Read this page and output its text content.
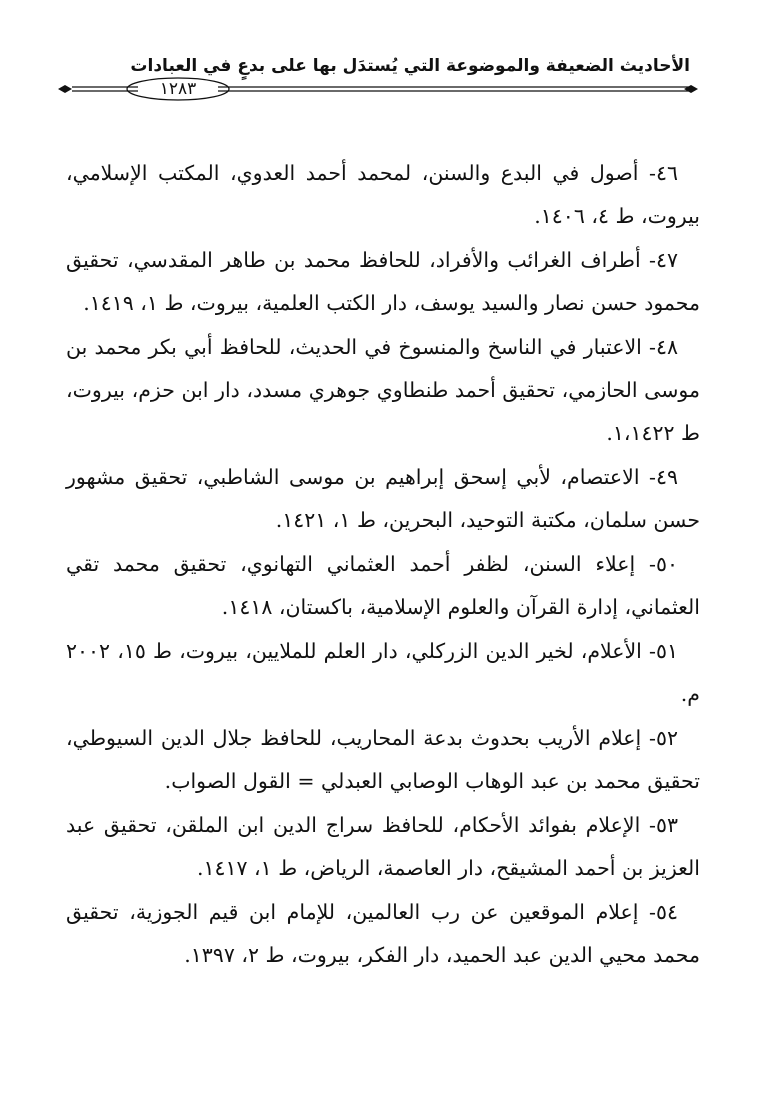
الأحاديث الضعيفة والموضوعة التي يُستدَل بها على بدعٍ في العبادات
١٢٨٣

٤٦- أصول في البدع والسنن، لمحمد أحمد العدوي، المكتب الإسلامي، بيروت، ط ٤، ١٤٠٦.

٤٧- أطراف الغرائب والأفراد، للحافظ محمد بن طاهر المقدسي، تحقيق محمود حسن نصار والسيد يوسف، دار الكتب العلمية، بيروت، ط ١، ١٤١٩.

٤٨- الاعتبار في الناسخ والمنسوخ في الحديث، للحافظ أبي بكر محمد بن موسى الحازمي، تحقيق أحمد طنطاوي جوهري مسدد، دار ابن حزم، بيروت، ط ١،١٤٢٢.

٤٩- الاعتصام، لأبي إسحق إبراهيم بن موسى الشاطبي، تحقيق مشهور حسن سلمان، مكتبة التوحيد، البحرين، ط ١، ١٤٢١.

٥٠- إعلاء السنن، لظفر أحمد العثماني التهانوي، تحقيق محمد تقي العثماني، إدارة القرآن والعلوم الإسلامية، باكستان، ١٤١٨.

٥١- الأعلام، لخير الدين الزركلي، دار العلم للملايين، بيروت، ط ١٥، ٢٠٠٢ م.

٥٢- إعلام الأريب بحدوث بدعة المحاريب، للحافظ جلال الدين السيوطي، تحقيق محمد بن عبد الوهاب الوصابي العبدلي = القول الصواب.

٥٣- الإعلام بفوائد الأحكام، للحافظ سراج الدين ابن الملقن، تحقيق عبد العزيز بن أحمد المشيقح، دار العاصمة، الرياض، ط ١، ١٤١٧.

٥٤- إعلام الموقعين عن رب العالمين، للإمام ابن قيم الجوزية، تحقيق محمد محيي الدين عبد الحميد، دار الفكر، بيروت، ط ٢، ١٣٩٧.
